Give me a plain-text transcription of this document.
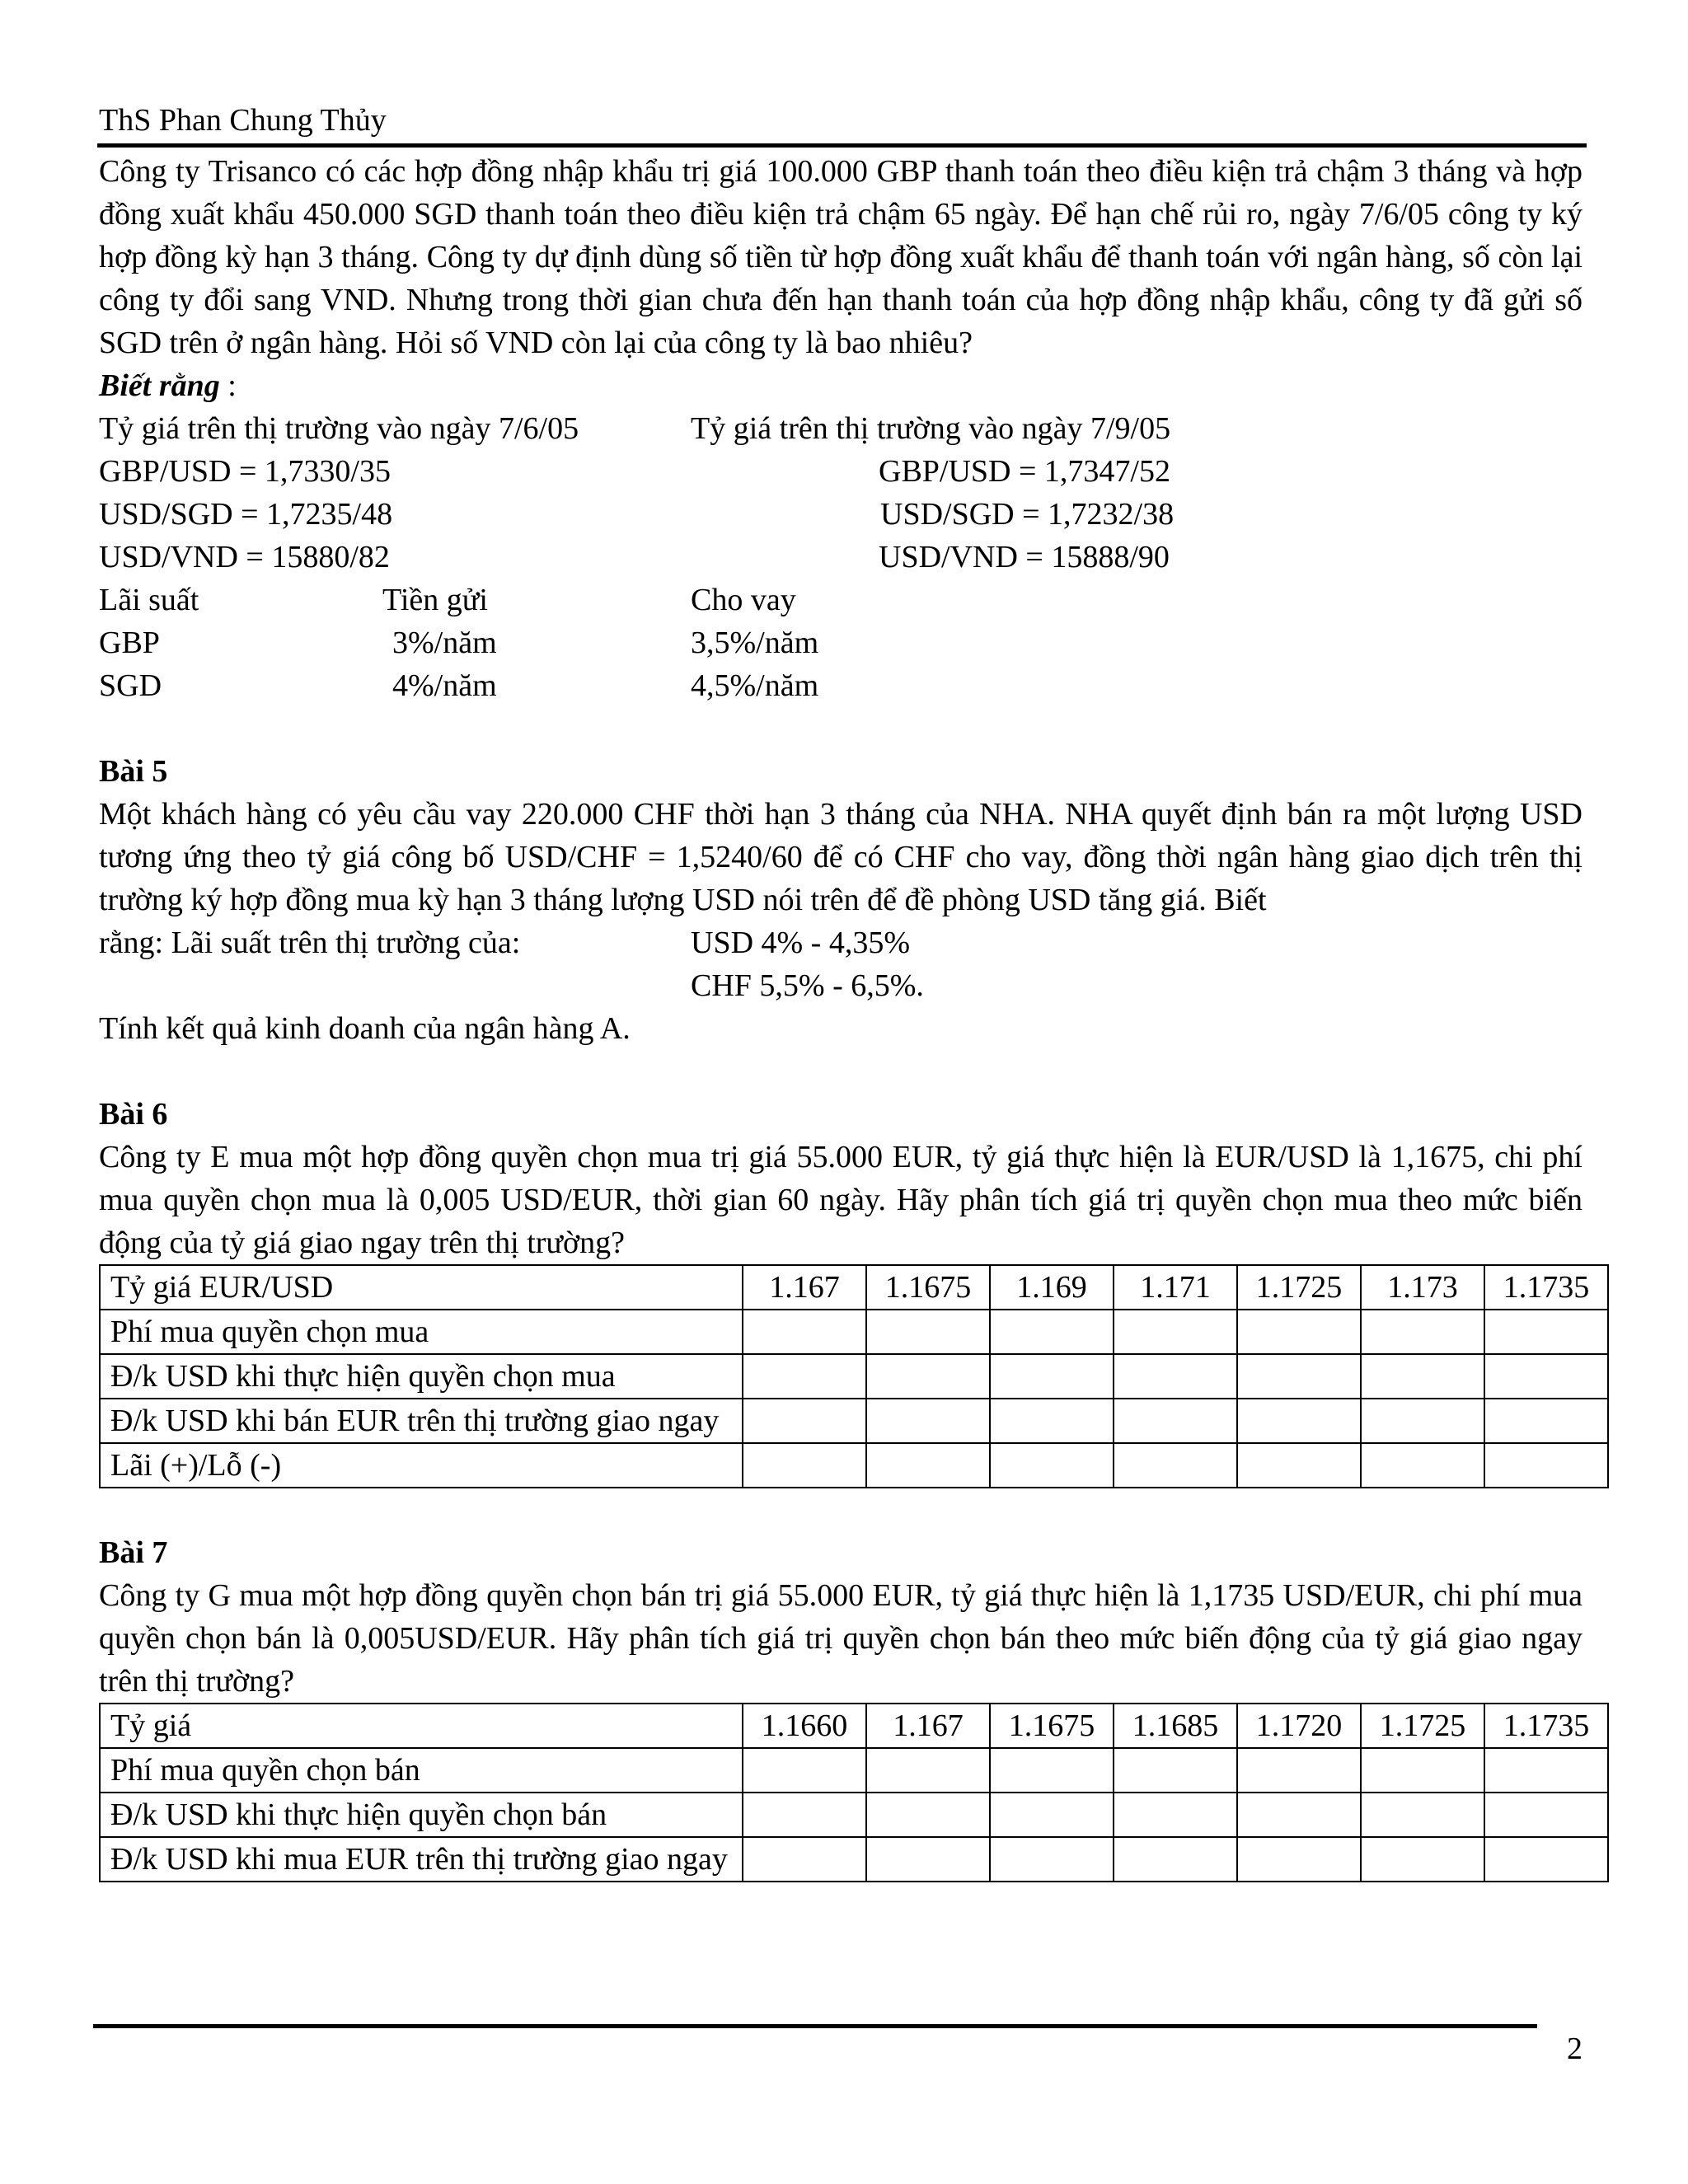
ThS Phan Chung Thủy

Công ty Trisanco có các hợp đồng nhập khẩu trị giá 100.000 GBP thanh toán theo điều kiện trả chậm 3 tháng và hợp đồng xuất khẩu 450.000 SGD thanh toán theo điều kiện trả chậm 65 ngày. Để hạn chế rủi ro, ngày 7/6/05 công ty ký hợp đồng kỳ hạn 3 tháng. Công ty dự định dùng số tiền từ hợp đồng xuất khẩu để thanh toán với ngân hàng, số còn lại công ty đổi sang VND. Nhưng trong thời gian chưa đến hạn thanh toán của hợp đồng nhập khẩu, công ty đã gửi số SGD trên ở ngân hàng. Hỏi số VND còn lại của công ty là bao nhiêu?

Biết rằng :

Tỷ giá trên thị trường vào ngày 7/6/05	Tỷ giá trên thị trường vào ngày 7/9/05
GBP/USD = 1,7330/35	GBP/USD = 1,7347/52
USD/SGD = 1,7235/48	USD/SGD = 1,7232/38
USD/VND = 15880/82	USD/VND = 15888/90
Lãi suất	Tiền gửi	Cho vay
GBP	3%/năm	3,5%/năm
SGD	4%/năm	4,5%/năm

Bài 5

Một khách hàng có yêu cầu vay 220.000 CHF thời hạn 3 tháng của NHA. NHA quyết định bán ra một lượng USD tương ứng theo tỷ giá công bố USD/CHF = 1,5240/60 để có CHF cho vay, đồng thời ngân hàng giao dịch trên thị trường ký hợp đồng mua kỳ hạn 3 tháng lượng USD nói trên để đề phòng USD tăng giá. Biết

rằng: Lãi suất trên thị trường của:	USD 4% - 4,35%
CHF 5,5% - 6,5%.

Tính kết quả kinh doanh của ngân hàng A.

Bài 6

Công ty E mua một hợp đồng quyền chọn mua trị giá 55.000 EUR, tỷ giá thực hiện là EUR/USD là 1,1675, chi phí mua quyền chọn mua là 0,005 USD/EUR, thời gian 60 ngày. Hãy phân tích giá trị quyền chọn mua theo mức biến động của tỷ giá giao ngay trên thị trường?

Tỷ giá EUR/USD	1.167	1.1675	1.169	1.171	1.1725	1.173	1.1735
Phí mua quyền chọn mua							
Đ/k USD khi thực hiện quyền chọn mua							
Đ/k USD khi bán EUR trên thị trường giao ngay							
Lãi (+)/Lỗ (-)							

Bài 7

Công ty G mua một hợp đồng quyền chọn bán trị giá 55.000 EUR, tỷ giá thực hiện là 1,1735 USD/EUR, chi phí mua quyền chọn bán là 0,005USD/EUR. Hãy phân tích giá trị quyền chọn bán theo mức biến động của tỷ giá giao ngay trên thị trường?

Tỷ giá	1.1660	1.167	1.1675	1.1685	1.1720	1.1725	1.1735
Phí mua quyền chọn bán							
Đ/k USD khi thực hiện quyền chọn bán							
Đ/k USD khi mua EUR trên thị trường giao ngay							
2
